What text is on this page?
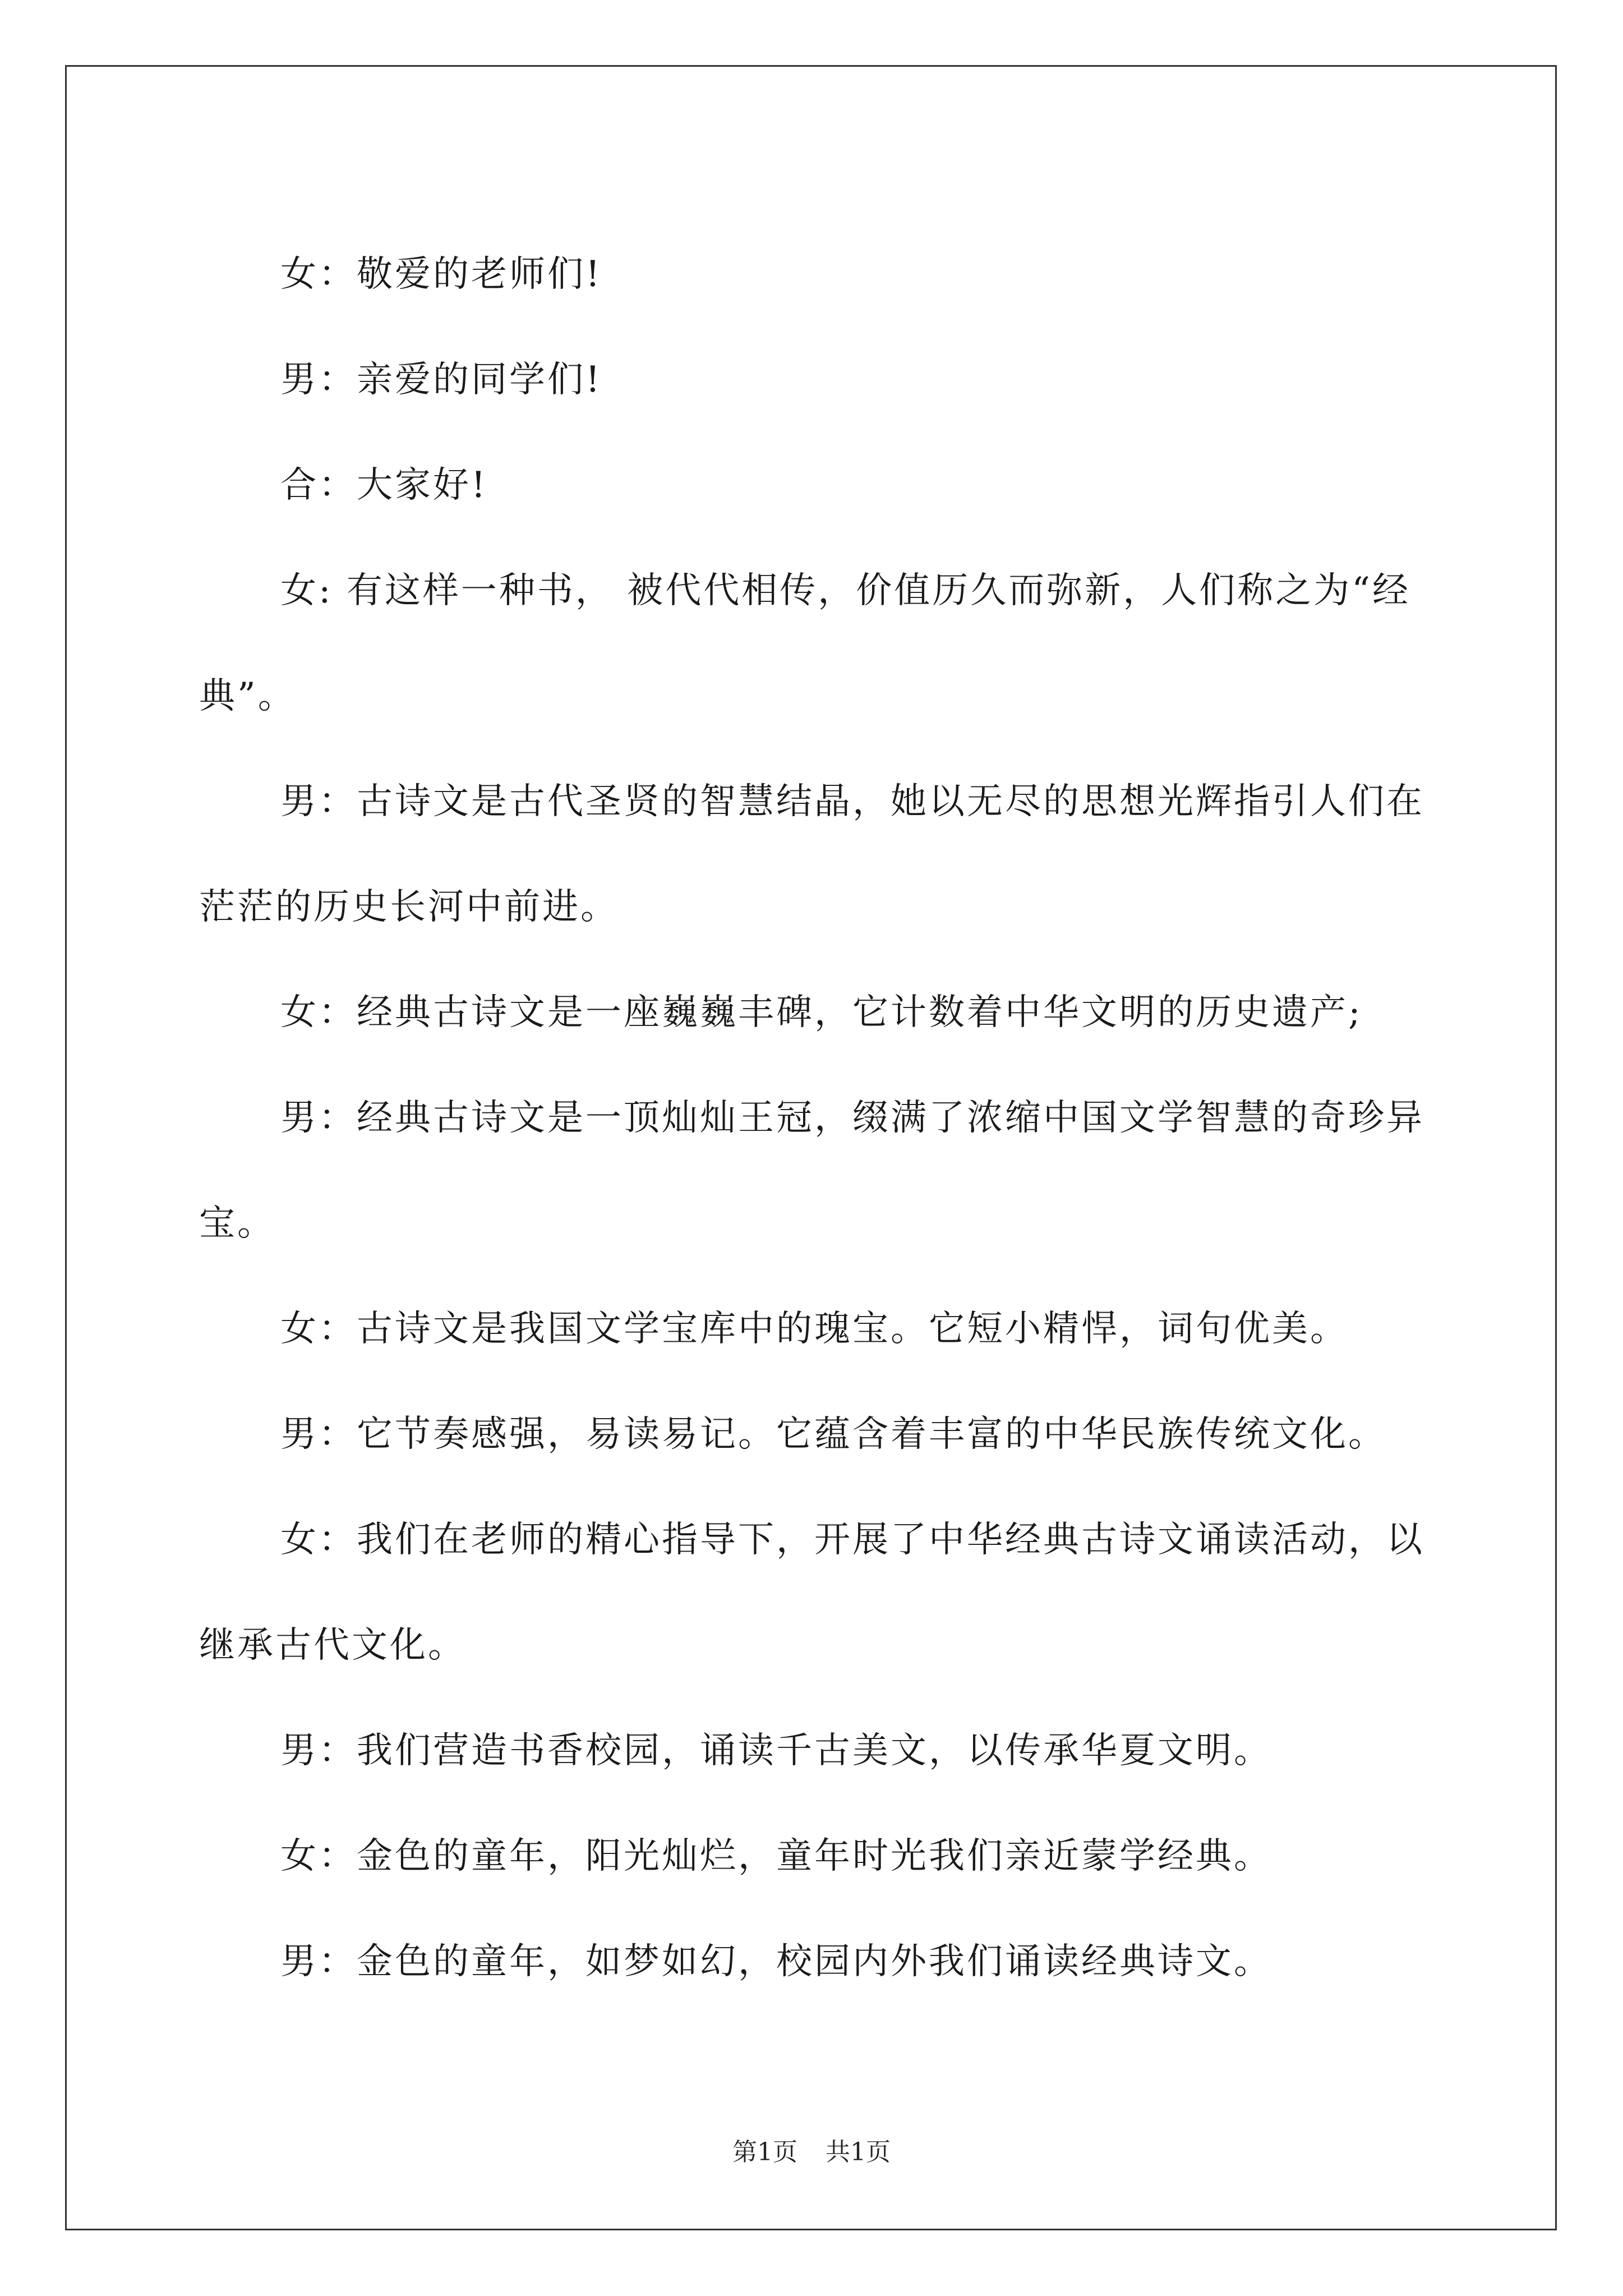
女：敬爱的老师们!

男：亲爱的同学们!

合：大家好!

女: 有这样一种书， 被代代相传，价值历久而弥新，人们称之为“经典”。

男：古诗文是古代圣贤的智慧结晶，她以无尽的思想光辉指引人们在茫茫的历史长河中前进。

女：经典古诗文是一座巍巍丰碑，它计数着中华文明的历史遗产;

男：经典古诗文是一顶灿灿王冠，缀满了浓缩中国文学智慧的奇珍异宝。

女：古诗文是我国文学宝库中的瑰宝。它短小精悍，词句优美。

男：它节奏感强，易读易记。它蕴含着丰富的中华民族传统文化。

女：我们在老师的精心指导下，开展了中华经典古诗文诵读活动，以继承古代文化。

男：我们营造书香校园，诵读千古美文，以传承华夏文明。

女：金色的童年，阳光灿烂，童年时光我们亲近蒙学经典。

男：金色的童年，如梦如幻，校园内外我们诵读经典诗文。

第1页 共1页
